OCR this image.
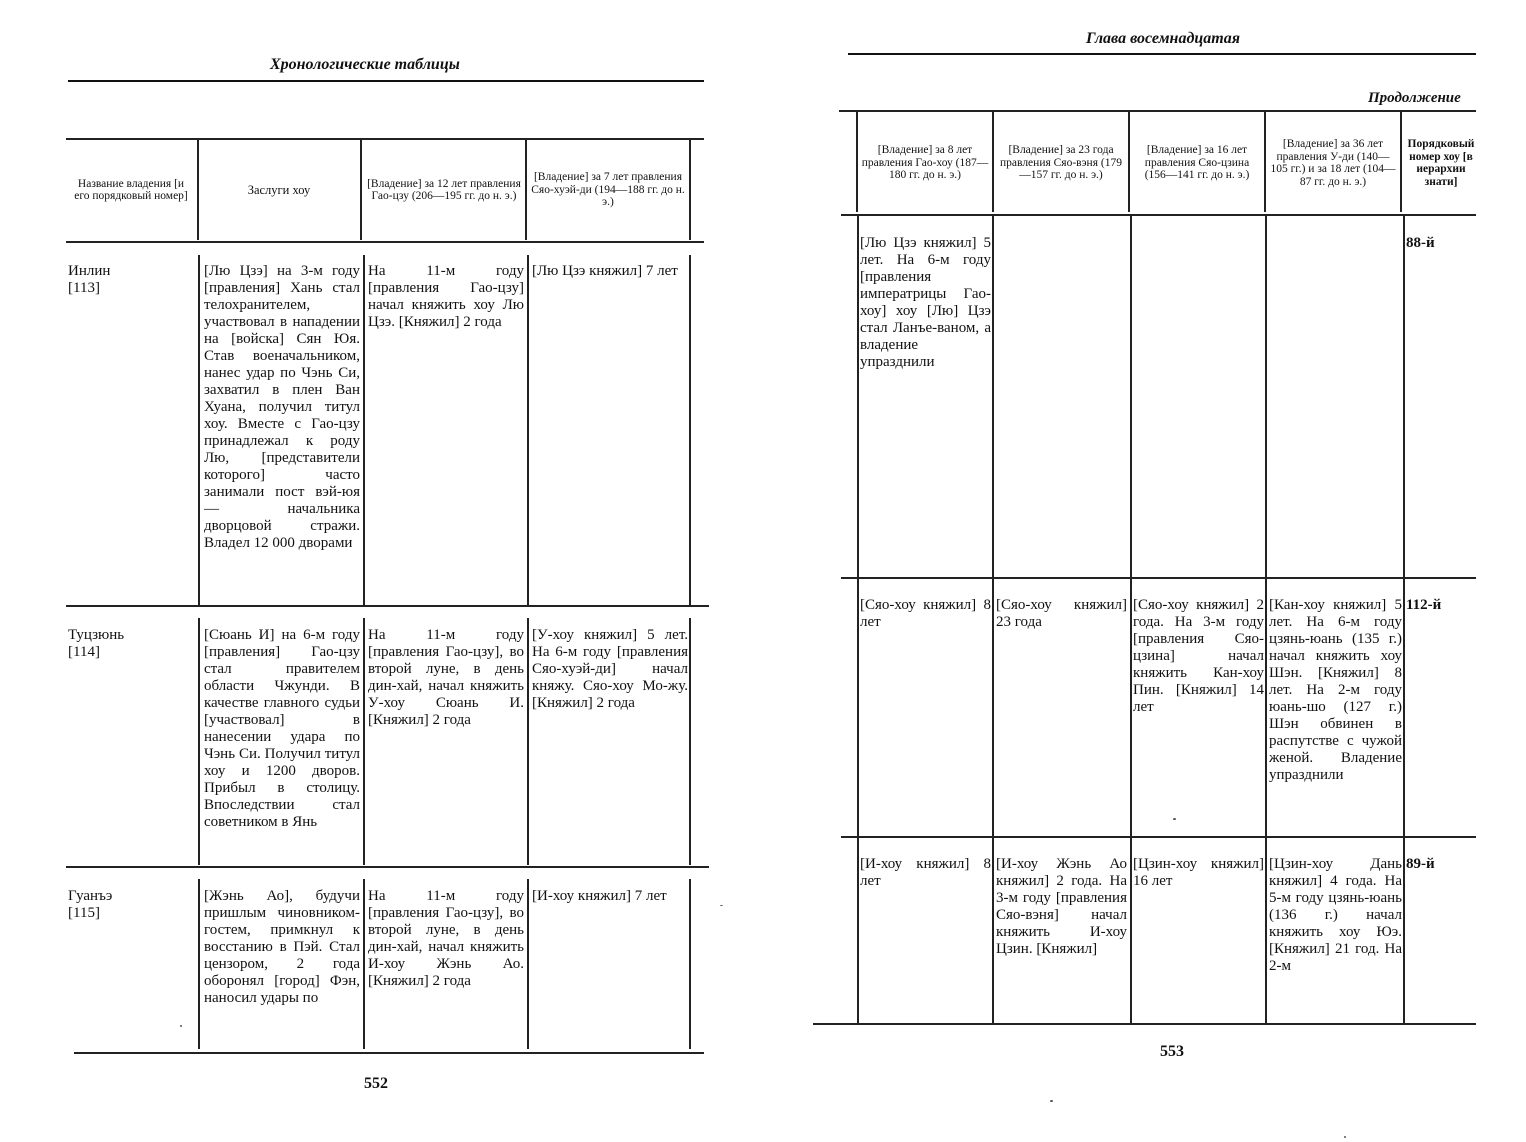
Хронологические таблицы
Название владения [и его порядковый номер]	Заслуги хоу	[Владение] за 12 лет правления Гао-цзу (206—195 гг. до н. э.)
[Владение] за 7 лет правления Сяо-хуэй-ди (194—188 гг. до н. э.)
Инлин
[113]
[Лю Цзэ] на 3-м году [правления] Хань стал телохранителем, участвовал в нападении на [войска] Сян Юя. Став военачальником, нанес удар по Чэнь Си, захватил в плен Ван Хуана, получил титул хоу. Вместе с Гао-цзу принадлежал к роду Лю, [представители которого] часто занимали пост вэй-юя — начальника дворцовой стражи. Владел 12 000 дворами
На 11-м году [правления Гао-цзу] начал княжить хоу Лю Цзэ. [Княжил] 2 года
[Лю Цзэ княжил] 7 лет
Туцзюнь
[114]
[Сюань И] на 6-м году [правления] Гао-цзу стал правителем области Чжунди. В качестве главного судьи [участвовал] в нанесении удара по Чэнь Си. Получил титул хоу и 1200 дворов. Прибыл в столицу. Впоследствии стал советником в Янь
На 11-м году [правления Гао-цзу], во второй луне, в день дин-хай, начал княжить У-хоу Сюань И. [Княжил] 2 года
[У-хоу княжил] 5 лет. На 6-м году [правления Сяо-хуэй-ди] начал княжу. Сяо-хоу Мо-жу. [Княжил] 2 года
Гуанъэ
[115]
[Жэнь Ао], будучи пришлым чиновником-гостем, примкнул к восстанию в Пэй. Стал цензором, 2 года оборонял [город] Фэн, наносил удары по
На 11-м году [правления Гао-цзу], во второй луне, в день дин-хай, начал княжить И-хоу Жэнь Ао. [Княжил] 2 года
[И-хоу княжил] 7 лет
552
Глава восемнадцатая
Продолжение
[Владение] за 8 лет правления Гао-хоу (187—180 гг. до н. э.)
[Владение] за 23 года правления Сяо-вэня (179—157 гг. до н. э.)
[Владение] за 16 лет правления Сяо-цзина (156—141 гг. до н. э.)
[Владение] за 36 лет правления У-ди (140—105 гг.) и за 18 лет (104—87 гг. до н. э.)
Порядковый номер хоу [в иерархии знати]
[Лю Цзэ княжил] 5 лет. На 6-м году [правления императрицы Гао-хоу] хоу [Лю] Цзэ стал Ланъе-ваном, а владение упразднили
88-й
[Сяо-хоу княжил] 8 лет
[Сяо-хоу княжил] 23 года
[Сяо-хоу княжил] 2 года. На 3-м году [правления Сяо-цзина] начал княжить Кан-хоу Пин. [Княжил] 14 лет
[Кан-хоу княжил] 5 лет. На 6-м году цзянь-юань (135 г.) начал княжить хоу Шэн. [Княжил] 8 лет. На 2-м году юань-шо (127 г.) Шэн обвинен в распутстве с чужой женой. Владение упразднили
112-й
[И-хоу княжил] 8 лет
[И-хоу Жэнь Ао княжил] 2 года. На 3-м году [правления Сяо-вэня] начал княжить И-хоу Цзин. [Княжил]
[Цзин-хоу княжил] 16 лет
[Цзин-хоу Дань княжил] 4 года. На 5-м году цзянь-юань (136 г.) начал княжить хоу Юэ. [Княжил] 21 год. На 2-м
89-й
553
